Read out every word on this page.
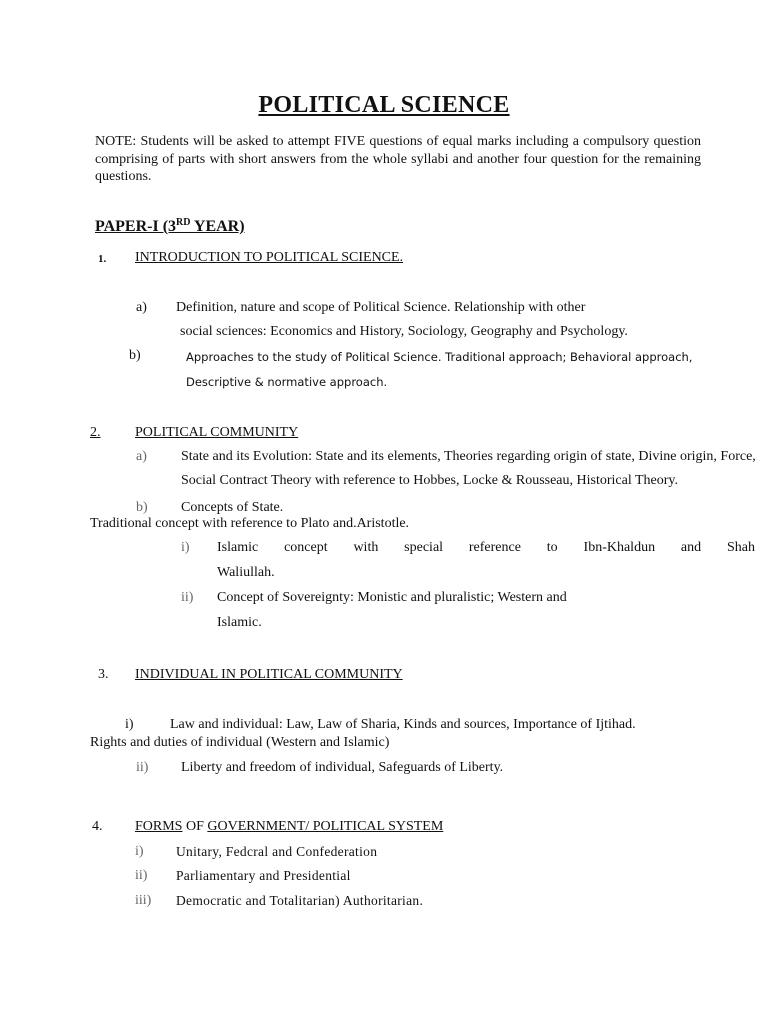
POLITICAL SCIENCE
NOTE: Students will be asked to attempt FIVE questions of equal marks including a compulsory question comprising of parts with short answers from the whole syllabi and another four question for the remaining questions.
PAPER-I (3RD YEAR)
1. INTRODUCTION TO POLITICAL SCIENCE.
a) Definition, nature and scope of Political Science. Relationship with other
social sciences: Economics and History, Sociology, Geography and Psychology.
b)	Approaches to the study of Political Science. Traditional approach; Behavioral approach,
Descriptive & normative approach.
2. POLITICAL COMMUNITY
a) State and its Evolution: State and its elements, Theories regarding origin of state, Divine origin, Force,
Social Contract Theory with reference to Hobbes, Locke & Rousseau, Historical Theory.
b) Concepts of State.
Traditional concept with reference to Plato and.Aristotle.
i) Islamic concept with special reference to Ibn-Khaldun and Shah
Waliullah.
ii) Concept of Sovereignty: Monistic and pluralistic; Western and
Islamic.
3. INDIVIDUAL IN POLITICAL COMMUNITY
i)	Law and individual: Law, Law of Sharia, Kinds and sources, Importance of Ijtihad.
Rights and duties of individual (Western and Islamic)
ii) Liberty and freedom of individual, Safeguards of Liberty.
4. FORMS OF GOVERNMENT/ POLITICAL SYSTEM
i) Unitary, Fedcral and Confederation
ii) Parliamentary and Presidential
iii) Democratic and Totalitarian) Authoritarian.
